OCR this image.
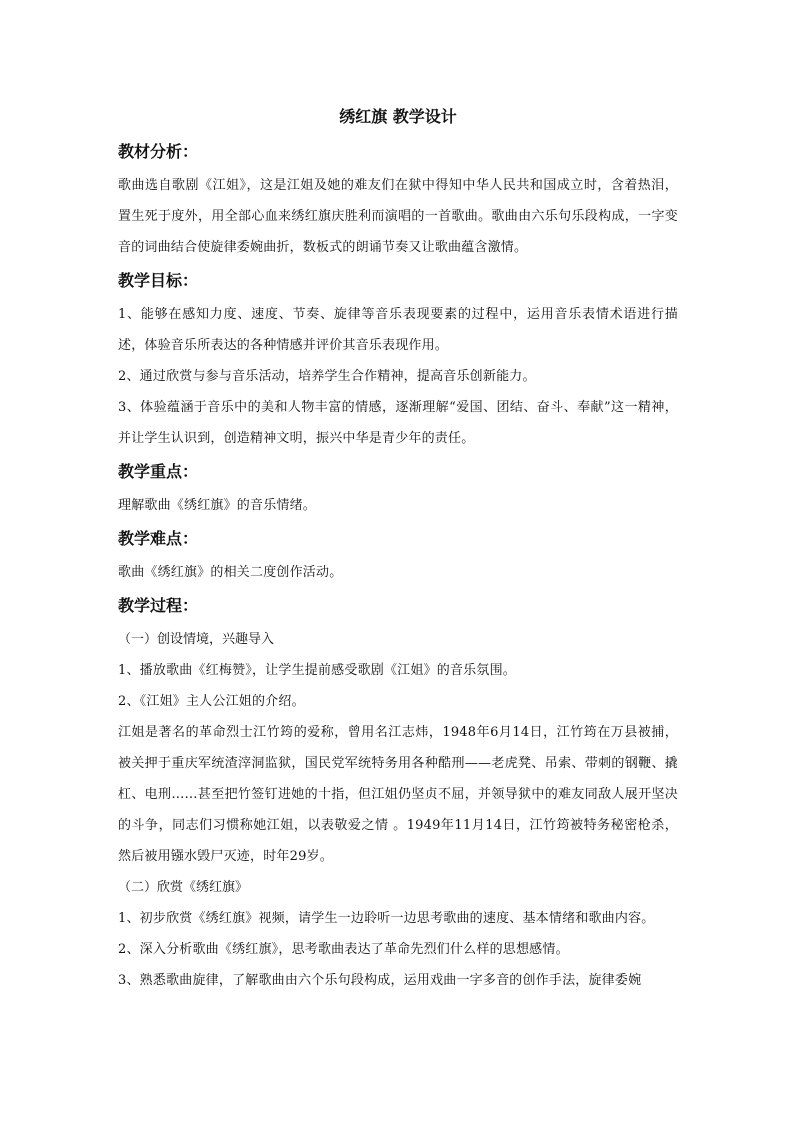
绣红旗 教学设计
教材分析：

歌曲选自歌剧《江姐》，这是江姐及她的难友们在狱中得知中华人民共和国成立时，含着热泪，置生死于度外，用全部心血来绣红旗庆胜利而演唱的一首歌曲。歌曲由六乐句乐段构成，一字变音的词曲结合使旋律委婉曲折，数板式的朗诵节奏又让歌曲蕴含激情。

教学目标：

1、能够在感知力度、速度、节奏、旋律等音乐表现要素的过程中，运用音乐表情术语进行描述，体验音乐所表达的各种情感并评价其音乐表现作用。

2、通过欣赏与参与音乐活动，培养学生合作精神，提高音乐创新能力。

3、体验蕴涵于音乐中的美和人物丰富的情感，逐渐理解“爱国、团结、奋斗、奉献”这一精神，并让学生认识到，创造精神文明，振兴中华是青少年的责任。

教学重点：

理解歌曲《绣红旗》的音乐情绪。

教学难点：

歌曲《绣红旗》的相关二度创作活动。

教学过程：

（一）创设情境，兴趣导入

1、播放歌曲《红梅赞》，让学生提前感受歌剧《江姐》的音乐氛围。

2、《江姐》主人公江姐的介绍。

江姐是著名的革命烈士江竹筠的爱称，曾用名江志炜，1948年6月14日，江竹筠在万县被捕，被关押于重庆军统渣滓洞监狱，国民党军统特务用各种酷刑——老虎凳、吊索、带刺的钢鞭、撬杠、电刑……甚至把竹签钉进她的十指，但江姐仍坚贞不屈，并领导狱中的难友同敌人展开坚决的斗争，同志们习惯称她江姐，以表敬爱之情 。1949年11月14日，江竹筠被特务秘密枪杀，然后被用镪水毁尸灭迹，时年29岁。

（二）欣赏《绣红旗》

1、初步欣赏《绣红旗》视频，请学生一边聆听一边思考歌曲的速度、基本情绪和歌曲内容。

2、深入分析歌曲《绣红旗》，思考歌曲表达了革命先烈们什么样的思想感情。

3、熟悉歌曲旋律，了解歌曲由六个乐句段构成，运用戏曲一字多音的创作手法，旋律委婉
